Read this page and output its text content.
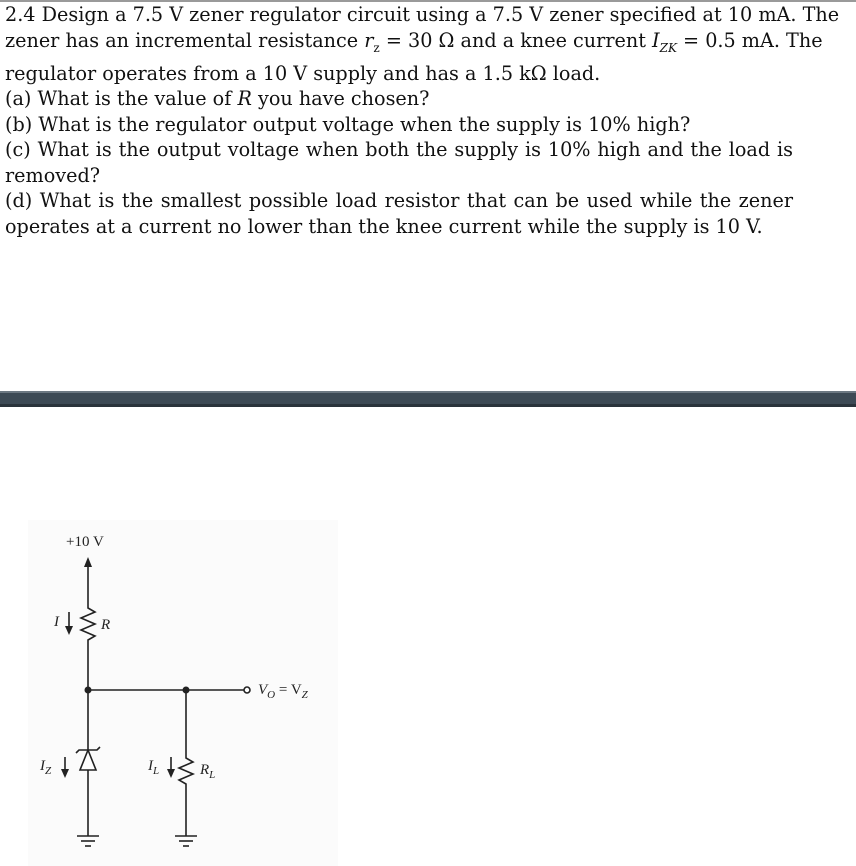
2.4 Design a 7.5 V zener regulator circuit using a 7.5 V zener specified at 10 mA. The

zener has an incremental resistance $r_z = 30$ Ω and a knee current $I_{ZK} = 0.5$ mA. The

regulator operates from a 10 V supply and has a 1.5 kΩ load.

(a) What is the value of R you have chosen?

(b) What is the regulator output voltage when the supply is 10% high?

(c) What is the output voltage when both the supply is 10% high and the load is removed?

(d) What is the smallest possible load resistor that can be used while the zener operates at a current no lower than the knee current while the supply is 10 V.

+10 V
I	R
$V_O = V_Z$
$I_Z$	$I_L$	$R_L$
